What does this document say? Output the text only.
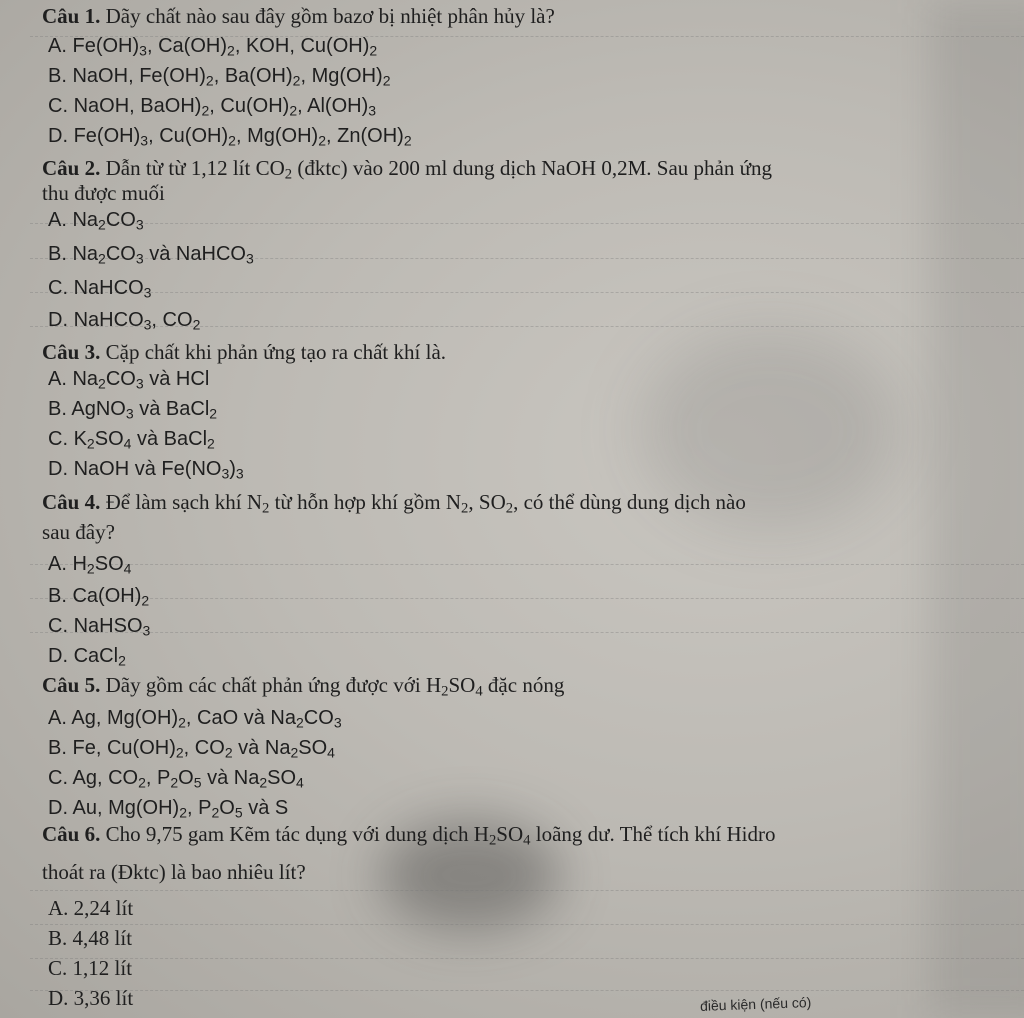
Câu 1. Dãy chất nào sau đây gồm bazơ bị nhiệt phân hủy là?
A. $Fe(OH)_3$, $Ca(OH)_2$, KOH, $Cu(OH)_2$
B. NaOH, $Fe(OH)_2$, $Ba(OH)_2$, $Mg(OH)_2$
C. NaOH, $BaOH)_2$, $Cu(OH)_2$, $Al(OH)_3$
D. $Fe(OH)_3$, $Cu(OH)_2$, $Mg(OH)_2$, $Zn(OH)_2$
Câu 2. Dẫn từ từ 1,12 lít $CO_2$ (đktc) vào 200 ml dung dịch NaOH 0,2M. Sau phản ứng
thu được muối
A. $Na_2CO_3$
B. $Na_2CO_3$ và NaHCO$_3$
C. NaHCO$_3$
D. NaHCO$_3$, $CO_2$
Câu 3. Cặp chất khi phản ứng tạo ra chất khí là.
A. $Na_2CO_3$ và HCl
B. AgNO$_3$ và BaCl$_2$
C. $K_2SO_4$ và BaCl$_2$
D. NaOH và $Fe(NO_3)_3$
Câu 4. Để làm sạch khí $N_2$ từ hỗn hợp khí gồm $N_2$, $SO_2$, có thể dùng dung dịch nào
sau đây?
A. $H_2SO_4$
B. $Ca(OH)_2$
C. NaHSO$_3$
D. CaCl$_2$
Câu 5. Dãy gồm các chất phản ứng được với $H_2SO_4$ đặc nóng
A. Ag, $Mg(OH)_2$, CaO và $Na_2CO_3$
B. Fe, $Cu(OH)_2$, $CO_2$ và $Na_2SO_4$
C. Ag, $CO_2$, $P_2O_5$ và $Na_2SO_4$
D. Au, $Mg(OH)_2$, $P_2O_5$ và S
Câu 6. Cho 9,75 gam Kẽm tác dụng với dung dịch $H_2SO_4$ loãng dư. Thể tích khí Hidro
thoát ra (Đktc) là bao nhiêu lít?
A. 2,24 lít
B. 4,48 lít
C. 1,12 lít
D. 3,36 lít	điều kiện (nếu có)
